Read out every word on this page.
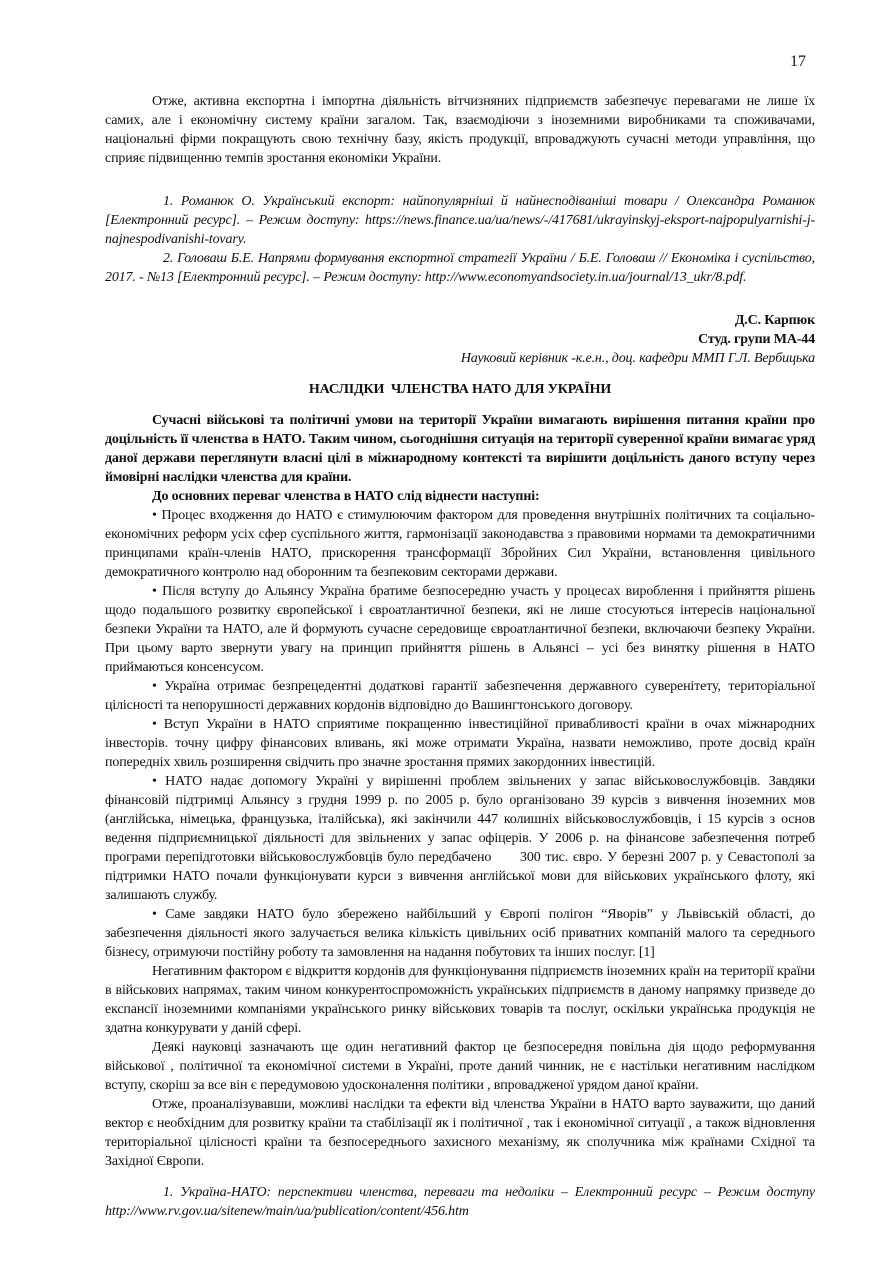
17

Отже, активна експортна і імпортна діяльність вітчизняних підприємств забезпечує перевагами не лише їх самих, але і економічну систему країни загалом. Так, взаємодіючи з іноземними виробниками та споживачами, національні фірми покращують свою технічну базу, якість продукції, впроваджують сучасні методи управління, що сприяє підвищенню темпів зростання економіки України.

1. Романюк О. Український експорт: найпопулярніші й найнесподіваніші товари / Олександра Романюк [Електронний ресурс]. – Режим доступу: https://news.finance.ua/ua/news/-/417681/ukrayinskyj-eksport-najpopulyarnishi-j-najnespodivanishi-tovary.

2. Головаш Б.Е. Напрями формування експортної стратегії України / Б.Е. Головаш // Економіка і суспільство, 2017. - №13 [Електронний ресурс]. – Режим доступу: http://www.economyandsociety.in.ua/journal/13_ukr/8.pdf.

Д.С. Карпюк

Студ. групи МА-44

Науковий керівник -к.е.н., доц. кафедри ММП Г.Л. Вербицька

НАСЛІДКИ  ЧЛЕНСТВА НАТО ДЛЯ УКРАЇНИ

Сучасні військові та політичні умови на території України вимагають вирішення питання країни про доцільність її членства в НАТО. Таким чином, сьогоднішня ситуація на території суверенної країни вимагає уряд даної держави переглянути власні цілі в міжнародному контексті та вирішити доцільність даного вступу через ймовірні наслідки членства для країни.

До основних переваг членства в НАТО слід віднести наступні:

• Процес входження до НАТО є стимулюючим фактором для проведення внутрішніх політичних та соціально-економічних реформ усіх сфер суспільного життя, гармонізації законодавства з правовими нормами та демократичними принципами країн-членів НАТО, прискорення трансформації Збройних Сил України, встановлення цивільного демократичного контролю над оборонним та безпековим секторами держави.

• Після вступу до Альянсу Україна братиме безпосередню участь у процесах вироблення і прийняття рішень щодо подальшого розвитку європейської і євроатлантичної безпеки, які не лише стосуються інтересів національної безпеки України та НАТО, але й формують сучасне середовище євроатлантичної безпеки, включаючи безпеку України. При цьому варто звернути увагу на принцип прийняття рішень в Альянсі – усі без винятку рішення в НАТО приймаються консенсусом.

• Україна отримає безпрецедентні додаткові гарантії забезпечення державного суверенітету, територіальної цілісності та непорушності державних кордонів відповідно до Вашингтонського договору.

• Вступ України в НАТО сприятиме покращенню інвестиційної привабливості країни в очах міжнародних інвесторів. точну цифру фінансових вливань, які може отримати Україна, назвати неможливо, проте досвід країн попередніх хвиль розширення свідчить про значне зростання прямих закордонних інвестицій.

• НАТО надає допомогу Україні у вирішенні проблем звільнених у запас військовослужбовців. Завдяки фінансовій підтримці Альянсу з грудня 1999 р. по 2005 р. було організовано 39 курсів з вивчення іноземних мов (англійська, німецька, французька, італійська), які закінчили 447 колишніх військовослужбовців, і 15 курсів з основ ведення підприємницької діяльності для звільнених у запас офіцерів. У 2006 р. на фінансове забезпечення потреб програми перепідготовки військовослужбовців було передбачено      300 тис. євро. У березні 2007 р. у Севастополі за підтримки НАТО почали функціонувати курси з вивчення англійської мови для військових українського флоту, які залишають службу.

• Саме завдяки НАТО було збережено найбільший у Європі полігон “Яворів” у Львівській області, до забезпечення діяльності якого залучається велика кількість цивільних осіб приватних компаній малого та середнього бізнесу, отримуючи постійну роботу та замовлення на надання побутових та інших послуг. [1]

Негативним фактором є відкриття кордонів для функціонування підприємств іноземних країн на території країни в військових напрямах, таким чином конкурентоспроможність українських підприємств в даному напрямку призведе до експансії іноземними компаніями українського ринку військових товарів та послуг, оскільки українська продукція не здатна конкурувати у даній сфері.

Деякі науковці зазначають ще один негативний фактор це безпосередня повільна дія щодо реформування військової , політичної та економічної системи в Україні, проте даний чинник, не є настільки негативним наслідком вступу, скоріш за все він є передумовою удосконалення політики , впровадженої урядом даної країни.

Отже, проаналізувавши, можливі наслідки та ефекти від членства України в НАТО варто зауважити, що даний вектор є необхідним для розвитку країни та стабілізації як і політичної , так і економічної ситуації , а також відновлення територіальної цілісності країни та безпосереднього захисного механізму, як сполучника між країнами Східної та Західної Європи.

1. Україна-НАТО: перспективи членства, переваги та недоліки – Електронний ресурс – Режим доступу http://www.rv.gov.ua/sitenew/main/ua/publication/content/456.htm
